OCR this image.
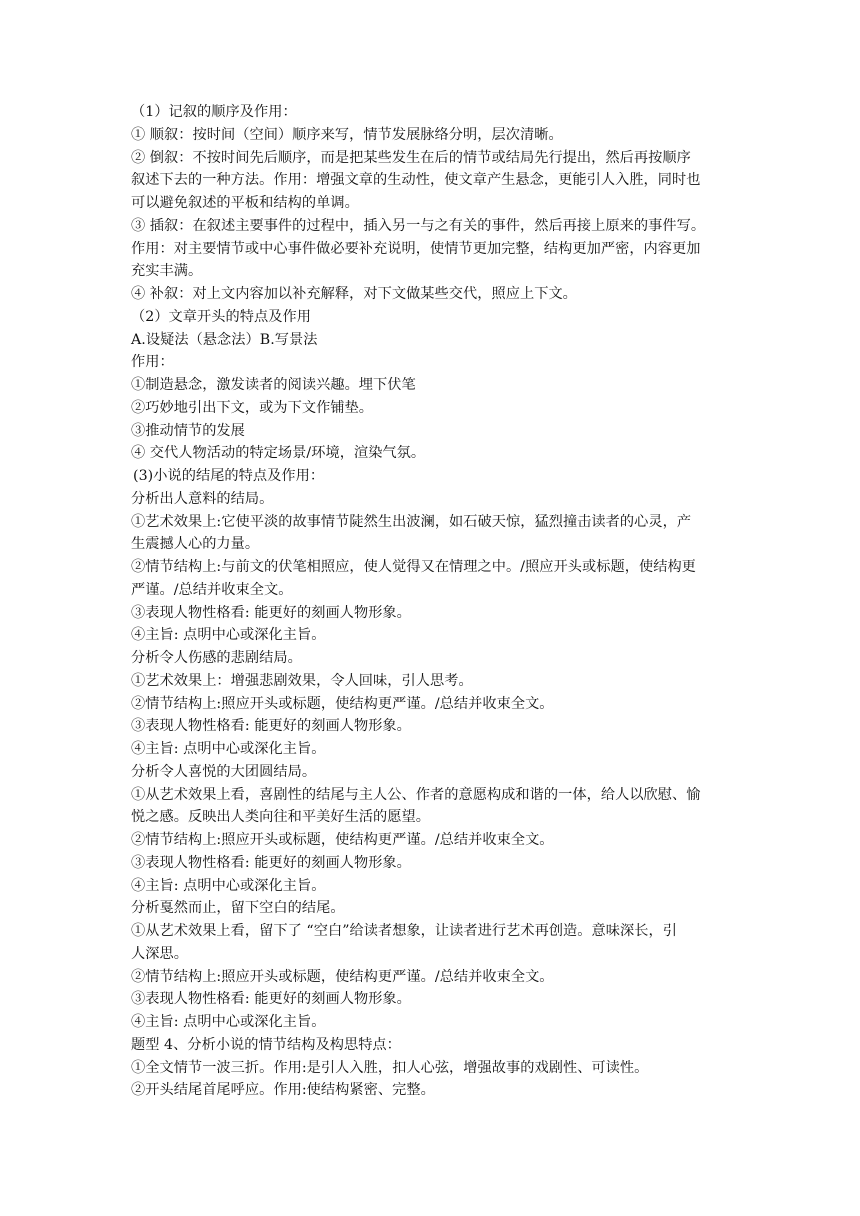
（1）记叙的顺序及作用：
① 顺叙：按时间（空间）顺序来写，情节发展脉络分明，层次清晰。
② 倒叙：不按时间先后顺序，而是把某些发生在后的情节或结局先行提出，然后再按顺序
叙述下去的一种方法。作用：增强文章的生动性，使文章产生悬念，更能引人入胜，同时也
可以避免叙述的平板和结构的单调。
③ 插叙：在叙述主要事件的过程中，插入另一与之有关的事件，然后再接上原来的事件写。
作用：对主要情节或中心事件做必要补充说明，使情节更加完整，结构更加严密，内容更加
充实丰满。
④ 补叙：对上文内容加以补充解释，对下文做某些交代，照应上下文。
（2）文章开头的特点及作用
A.设疑法（悬念法）B.写景法
作用：
①制造悬念，激发读者的阅读兴趣。埋下伏笔
②巧妙地引出下文，或为下文作铺垫。
③推动情节的发展
④ 交代人物活动的特定场景/环境，渲染气氛。
(3)小说的结尾的特点及作用：
分析出人意料的结局。
①艺术效果上:它使平淡的故事情节陡然生出波澜，如石破天惊，猛烈撞击读者的心灵，产
生震撼人心的力量。
②情节结构上:与前文的伏笔相照应，使人觉得又在情理之中。/照应开头或标题，使结构更
严谨。/总结并收束全文。
③表现人物性格看: 能更好的刻画人物形象。
④主旨: 点明中心或深化主旨。
分析令人伤感的悲剧结局。
①艺术效果上：增强悲剧效果，令人回味，引人思考。
②情节结构上:照应开头或标题，使结构更严谨。/总结并收束全文。
③表现人物性格看: 能更好的刻画人物形象。
④主旨: 点明中心或深化主旨。
分析令人喜悦的大团圆结局。
①从艺术效果上看，喜剧性的结尾与主人公、作者的意愿构成和谐的一体，给人以欣慰、愉
悦之感。反映出人类向往和平美好生活的愿望。
②情节结构上:照应开头或标题，使结构更严谨。/总结并收束全文。
③表现人物性格看: 能更好的刻画人物形象。
④主旨: 点明中心或深化主旨。
分析戛然而止，留下空白的结尾。
①从艺术效果上看，留下了 “空白”给读者想象，让读者进行艺术再创造。意味深长，引
人深思。
②情节结构上:照应开头或标题，使结构更严谨。/总结并收束全文。
③表现人物性格看: 能更好的刻画人物形象。
④主旨: 点明中心或深化主旨。
题型 4、分析小说的情节结构及构思特点：
①全文情节一波三折。作用:是引人入胜，扣人心弦，增强故事的戏剧性、可读性。
②开头结尾首尾呼应。作用:使结构紧密、完整。
